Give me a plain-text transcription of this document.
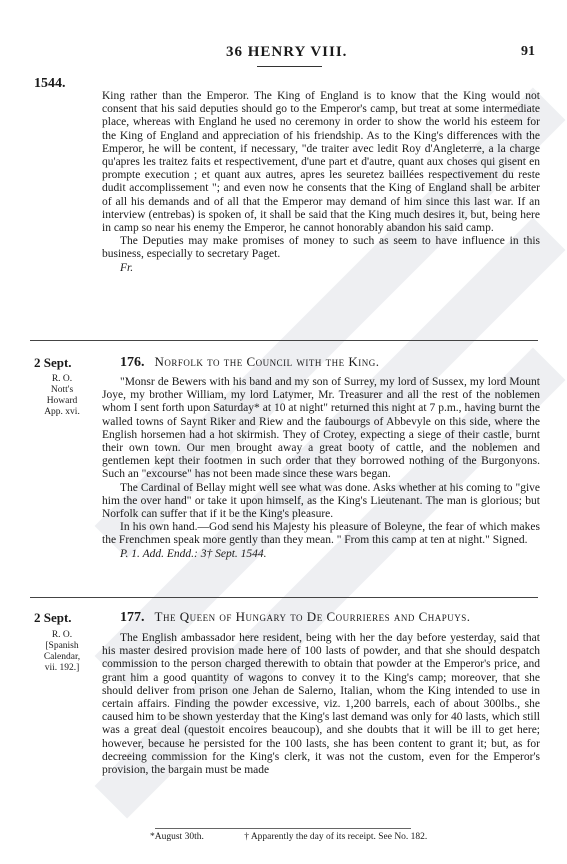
36 HENRY VIII.	91
1544.

King rather than the Emperor. The King of England is to know that the King would not consent that his said deputies should go to the Emperor's camp, but treat at some intermediate place, whereas with England he used no ceremony in order to show the world his esteem for the King of England and appreciation of his friendship. As to the King's differences with the Emperor, he will be content, if necessary, "de traiter avec ledit Roy d'Angleterre, a la charge qu'apres les traitez faits et respectivement, d'une part et d'autre, quant aux choses qui gisent en prompte execution ; et quant aux autres, apres les seuretez baillées respectivement du reste dudit accomplissement "; and even now he consents that the King of England shall be arbiter of all his demands and of all that the Emperor may demand of him since this last war. If an interview (entrebas) is spoken of, it shall be said that the King much desires it, but, being here in camp so near his enemy the Emperor, he cannot honorably abandon his said camp.

The Deputies may make promises of money to such as seem to have influence in this business, especially to secretary Paget.

Fr.
2 Sept.
R. O.
Nott's
Howard
App. xvi.
176. Norfolk to the Council with the King.

"Monsr de Bewers with his band and my son of Surrey, my lord of Sussex, my lord Mount Joye, my brother William, my lord Latymer, Mr. Treasurer and all the rest of the noblemen whom I sent forth upon Saturday* at 10 at night" returned this night at 7 p.m., having burnt the walled towns of Saynt Riker and Riew and the faubourgs of Abbevyle on this side, where the English horsemen had a hot skirmish. They of Crotey, expecting a siege of their castle, burnt their own town. Our men brought away a great booty of cattle, and the noblemen and gentlemen kept their footmen in such order that they borrowed nothing of the Burgonyons. Such an "excourse" has not been made since these wars began.

The Cardinal of Bellay might well see what was done. Asks whether at his coming to "give him the over hand" or take it upon himself, as the King's Lieutenant. The man is glorious; but Norfolk can suffer that if it be the King's pleasure.

In his own hand.—God send his Majesty his pleasure of Boleyne, the fear of which makes the Frenchmen speak more gently than they mean. " From this camp at ten at night." Signed.

P. 1. Add. Endd.: 3† Sept. 1544.
2 Sept.
R. O.
[Spanish
Calendar,
vii. 192.]
177. The Queen of Hungary to De Courrieres and Chapuys.

The English ambassador here resident, being with her the day before yesterday, said that his master desired provision made here of 100 lasts of powder, and that she should despatch commission to the person charged therewith to obtain that powder at the Emperor's price, and grant him a good quantity of wagons to convey it to the King's camp; moreover, that she should deliver from prison one Jehan de Salerno, Italian, whom the King intended to use in certain affairs. Finding the powder excessive, viz. 1,200 barrels, each of about 300lbs., she caused him to be shown yesterday that the King's last demand was only for 40 lasts, which still was a great deal (questoit encoires beaucoup), and she doubts that it will be ill to get here; however, because he persisted for the 100 lasts, she has been content to grant it; but, as for decreeing commission for the King's clerk, it was not the custom, even for the Emperor's provision, the bargain must be made

*August 30th.	† Apparently the day of its receipt. See No. 182.
